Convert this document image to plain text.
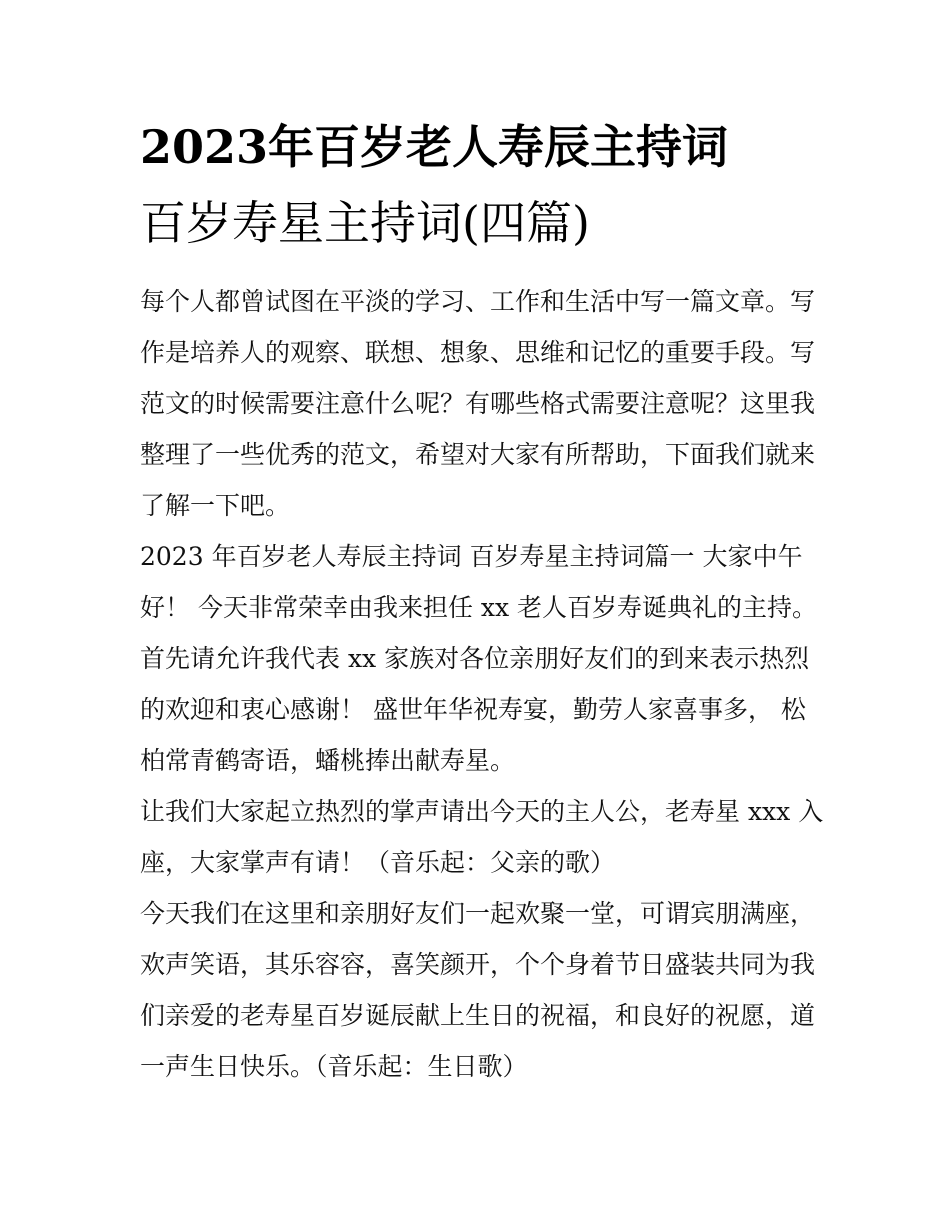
2023年百岁老人寿辰主持词
百岁寿星主持词(四篇)

每个人都曾试图在平淡的学习、工作和生活中写一篇文章。写
作是培养人的观察、联想、想象、思维和记忆的重要手段。写
范文的时候需要注意什么呢？有哪些格式需要注意呢？这里我
整理了一些优秀的范文，希望对大家有所帮助，下面我们就来
了解一下吧。

2023 年百岁老人寿辰主持词 百岁寿星主持词篇一 大家中午
好！ 今天非常荣幸由我来担任 xx 老人百岁寿诞典礼的主持。
首先请允许我代表 xx 家族对各位亲朋好友们的到来表示热烈
的欢迎和衷心感谢！ 盛世年华祝寿宴，勤劳人家喜事多， 松
柏常青鹤寄语，蟠桃捧出献寿星。

让我们大家起立热烈的掌声请出今天的主人公，老寿星 xxx 入
座，大家掌声有请！（音乐起：父亲的歌）

今天我们在这里和亲朋好友们一起欢聚一堂，可谓宾朋满座，
欢声笑语，其乐容容，喜笑颜开，个个身着节日盛装共同为我
们亲爱的老寿星百岁诞辰献上生日的祝福，和良好的祝愿，道
一声生日快乐。（音乐起：生日歌）
